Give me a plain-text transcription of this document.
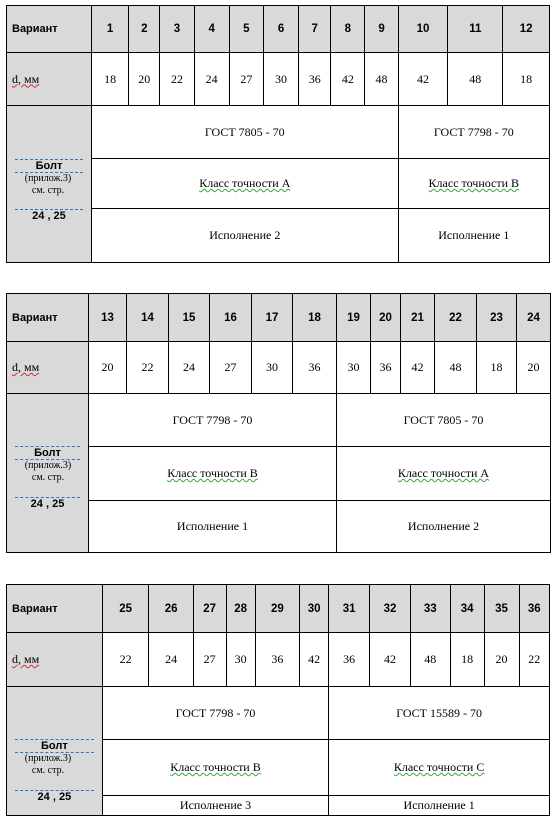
Вариант	1	2	3	4	5	6	7	8	9	10	11	12
d, мм	18	20	22	24	27	30	36	42	48	42	48	18

Болт
(прилож.3) см. стр.
24 , 25	ГОСТ 7805 - 70									ГОСТ 7798 - 70		
	Класс точности А									Класс точности В		
	Исполнение 2									Исполнение 1		
Вариант	13	14	15	16	17	18	19	20	21	22	23	24
d, мм	20	22	24	27	30	36	30	36	42	48	18	20

Болт
(прилож.3) см. стр.
24 , 25	ГОСТ 7798 - 70						ГОСТ 7805 - 70					
	Класс точности В						Класс точности А					
	Исполнение 1						Исполнение 2					
Вариант	25	26	27	28	29	30	31	32	33	34	35	36
d, мм	22	24	27	30	36	42	36	42	48	18	20	22

Болт
(прилож.3) см. стр.
24 , 25	ГОСТ 7798 - 70						ГОСТ 15589 - 70					
	Класс точности В						Класс точности С					
	Исполнение 3						Исполнение 1					
